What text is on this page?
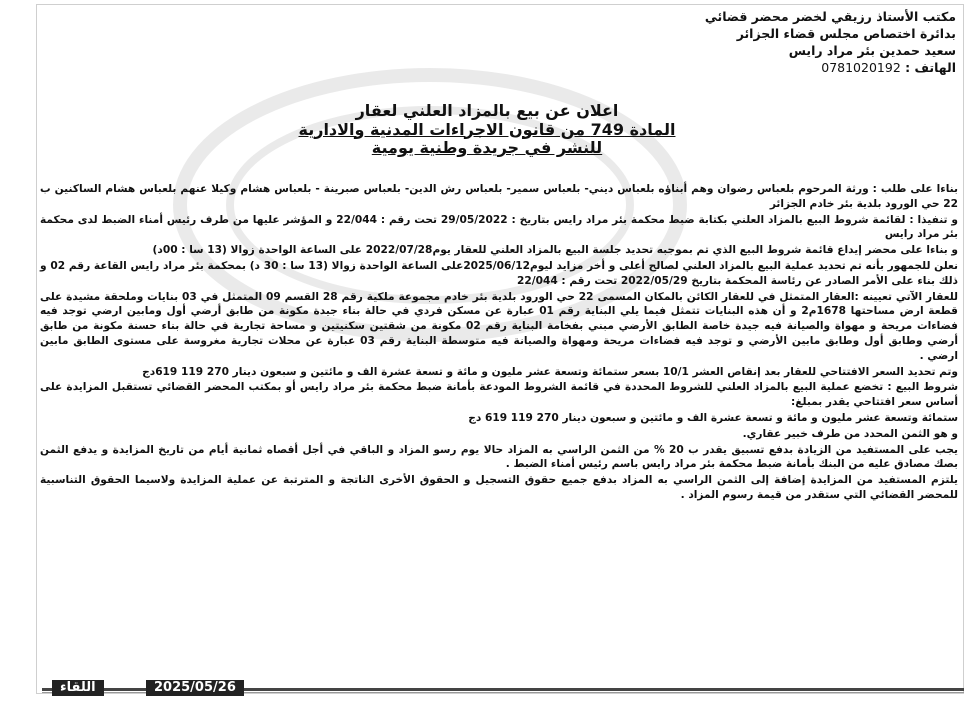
مكتب الأستاذ رزيقي لخضر محضر قضائي
بدائرة اختصاص مجلس قضاء الجزائر
سعيد حمدين بئر مراد رايس
الهاتف : 0781020192
اعلان عن بيع بالمزاد العلني لعقار
المادة 749 من قانون الاجراءات المدنية والادارية
للنشر في جريدة وطنية يومية

بناءا على طلب : ورثة المرحوم بلعباس رضوان وهم أبناؤه بلعباس ديني- بلعباس سمير- بلعباس رش الدين- بلعباس صبرينة - بلعباس هشام وكيلا عنهم بلعباس هشام الساكنين ب 22 حي الورود بلدية بئر خادم الجزائر

و تنفيذا : لقائمة شروط البيع بالمزاد العلني بكتابة ضبط محكمة بئر مراد رايس بتاريخ : 29/05/2022 تحت رقم : 22/044 و المؤشر عليها من طرف رئيس أمناء الضبط لدى محكمة بئر مراد رايس

و بناءا على محضر إيداع قائمة شروط البيع الذي تم بموجبه تحديد جلسة البيع بالمزاد العلني للعقار يوم2022/07/28 على الساعة الواحدة زوالا (13 سا : 00د)

نعلن للجمهور بأنه تم تحديد عملية البيع بالمزاد العلني لصالح أعلى و أخر مزايد ليوم2025/06/12على الساعة الواحدة زوالا (13 سا : 30 د) بمحكمة بئر مراد رايس القاعة رقم 02 و ذلك بناء على الأمر الصادر عن رئاسة المحكمة بتاريخ 2022/05/29 تحت رقم : 22/044

للعقار الآتي تعيينه :العقار المتمثل في للعقار الكائن بالمكان المسمى 22 حي الورود بلدية بئر خادم مجموعة ملكية رقم 28 القسم 09 المتمثل في 03 بنايات وملحقة مشيدة على قطعة ارض مساحتها 1678م2 و أن هذه البنايات تتمثل فيما يلي البناية رقم 01 عبارة عن مسكن فردي في حالة بناء جيدة مكونة من طابق أرضي أول ومابين ارضي توجد فيه فضاءات مريحة و مهواة والصيانة فيه جيدة خاصة الطابق الأرضي مبني بفخامة البناية رقم 02 مكونة من شقتين سكنيتين و مساحة تجارية في حالة بناء حسنة مكونة من طابق أرضي وطابق أول وطابق مابين الأرضي و توجد فيه فضاءات مريحة ومهواة والصيانة فيه متوسطة البناية رقم 03 عبارة عن محلات تجارية مغروسة على مستوى الطابق مابين ارضي .

وتم تحديد السعر الافتتاحي للعقار بعد إنقاص العشر 10/1 بسعر ستمائة وتسعة عشر مليون و مائة و تسعة عشرة الف و مائتين و سبعون دينار 270 119 619دج

شروط البيع : تخضع عملية البيع بالمزاد العلني للشروط المحددة في قائمة الشروط المودعة بأمانة ضبط محكمة بئر مراد رايس أو بمكتب المحضر القضائي تستقبل المزايدة على أساس سعر افتتاحي يقدر بمبلغ:

ستمائة وتسعة عشر مليون و مائة و تسعة عشرة الف و مائتين و سبعون دينار 270 119 619 دج

و هو الثمن المحدد من طرف خبير عقاري.

يجب على المستفيد من الزيادة بدفع تسبيق يقدر ب 20 % من الثمن الراسي به المزاد حالا يوم رسو المزاد و الباقي في أجل أقصاه ثمانية أيام من تاريخ المزايدة و يدفع الثمن بصك مصادق عليه من البنك بأمانة ضبط محكمة بئر مراد رايس باسم رئيس أمناء الضبط .

يلتزم المستفيد من المزايدة إضافة إلى الثمن الراسي به المزاد بدفع جميع حقوق التسجيل و الحقوق الأخرى الناتجة و المترتبة عن عملية المزايدة ولاسيما الحقوق التناسبية للمحضر القضائي التي ستقدر من قيمة رسوم المزاد .

اللقاء	2025/05/26
